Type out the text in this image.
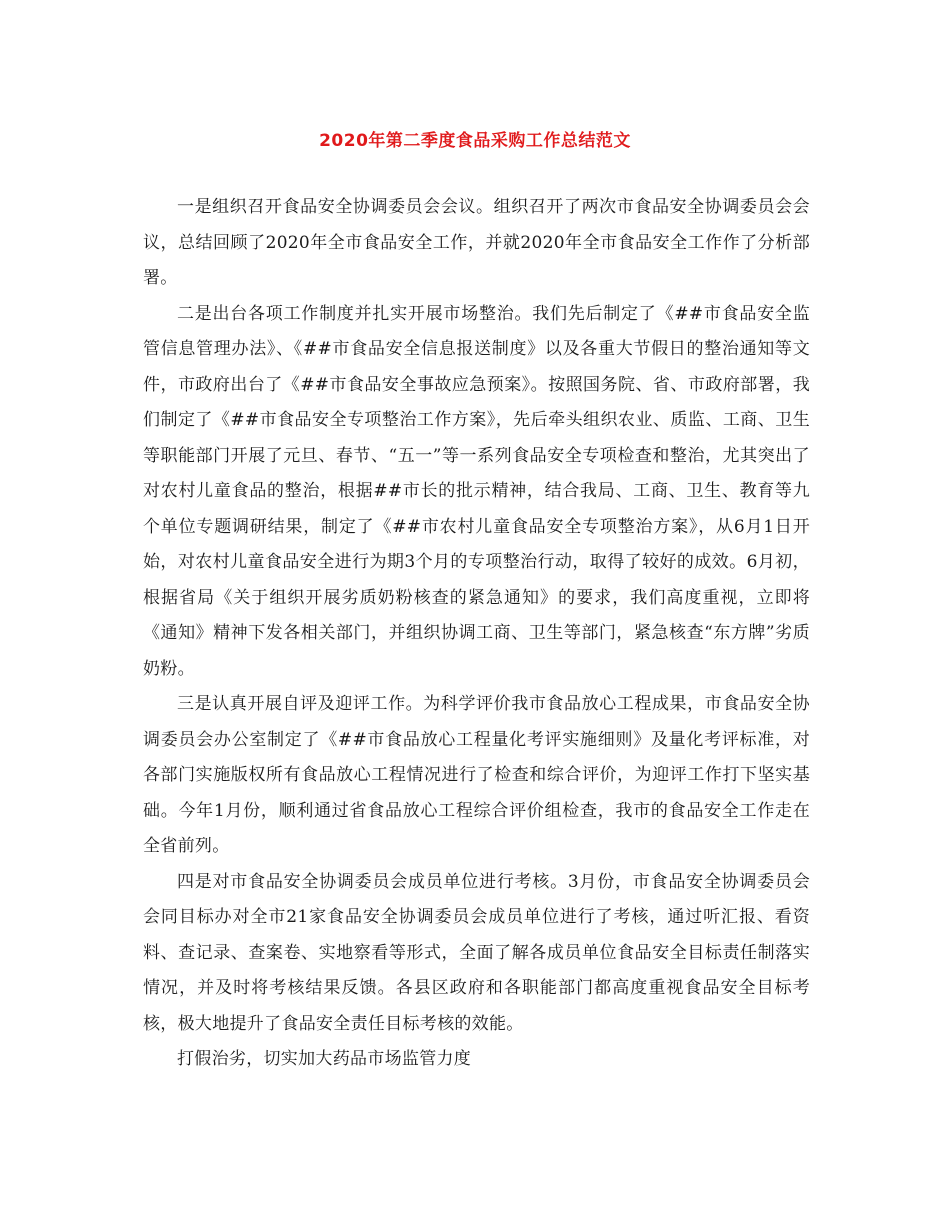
2020年第二季度食品采购工作总结范文

一是组织召开食品安全协调委员会会议。组织召开了两次市食品安全协调委员会会议，总结回顾了2020年全市食品安全工作，并就2020年全市食品安全工作作了分析部署。

二是出台各项工作制度并扎实开展市场整治。我们先后制定了《##市食品安全监管信息管理办法》、《##市食品安全信息报送制度》以及各重大节假日的整治通知等文件，市政府出台了《##市食品安全事故应急预案》。按照国务院、省、市政府部署，我们制定了《##市食品安全专项整治工作方案》，先后牵头组织农业、质监、工商、卫生等职能部门开展了元旦、春节、“五一”等一系列食品安全专项检查和整治，尤其突出了对农村儿童食品的整治，根据##市长的批示精神，结合我局、工商、卫生、教育等九个单位专题调研结果，制定了《##市农村儿童食品安全专项整治方案》，从6月1日开始，对农村儿童食品安全进行为期3个月的专项整治行动，取得了较好的成效。6月初，根据省局《关于组织开展劣质奶粉核查的紧急通知》的要求，我们高度重视，立即将《通知》精神下发各相关部门，并组织协调工商、卫生等部门，紧急核查“东方牌”劣质奶粉。

三是认真开展自评及迎评工作。为科学评价我市食品放心工程成果，市食品安全协调委员会办公室制定了《##市食品放心工程量化考评实施细则》及量化考评标准，对各部门实施版权所有食品放心工程情况进行了检查和综合评价，为迎评工作打下坚实基础。今年1月份，顺利通过省食品放心工程综合评价组检查，我市的食品安全工作走在全省前列。

四是对市食品安全协调委员会成员单位进行考核。3月份，市食品安全协调委员会会同目标办对全市21家食品安全协调委员会成员单位进行了考核，通过听汇报、看资料、查记录、查案卷、实地察看等形式，全面了解各成员单位食品安全目标责任制落实情况，并及时将考核结果反馈。各县区政府和各职能部门都高度重视食品安全目标考核，极大地提升了食品安全责任目标考核的效能。

打假治劣，切实加大药品市场监管力度
